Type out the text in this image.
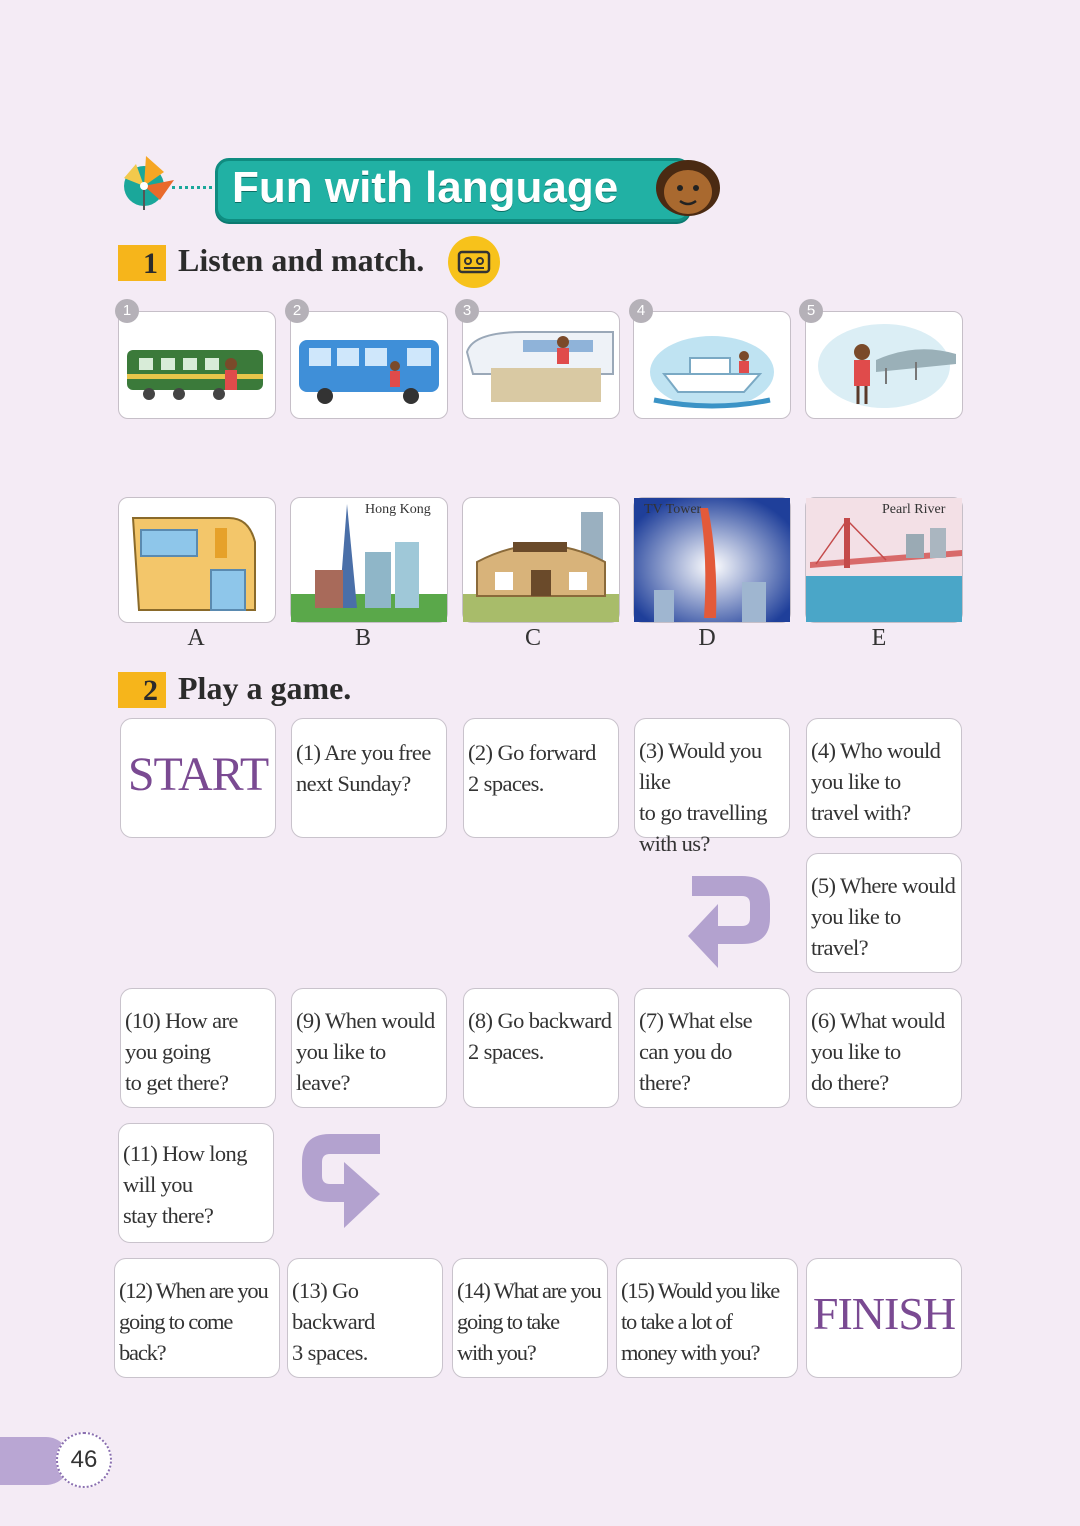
Fun with language
1 Listen and match.
1	2	3	4	5
Hong Kong	TV Tower	Pearl River
A	B	C	D	E
2 Play a game.
START	(1) Are you free
next Sunday?
(2) Go forward
2 spaces.
(3) Would you like
to go travelling
with us?
(4) Who would
you like to
travel with?
(5) Where would
you like to
travel?
(6) What would
you like to
do there?
(7) What else
can you do
there?
(8) Go backward
2 spaces.
(9) When would
you like to
leave?
(10) How are
you going
to get there?
(11) How long
will you
stay there?
(12) When are you
going to come
back?
(13) Go
backward
3 spaces.
(14) What are you
going to take
with you?
(15) Would you like
to take a lot of
money with you?
FINISH
46
